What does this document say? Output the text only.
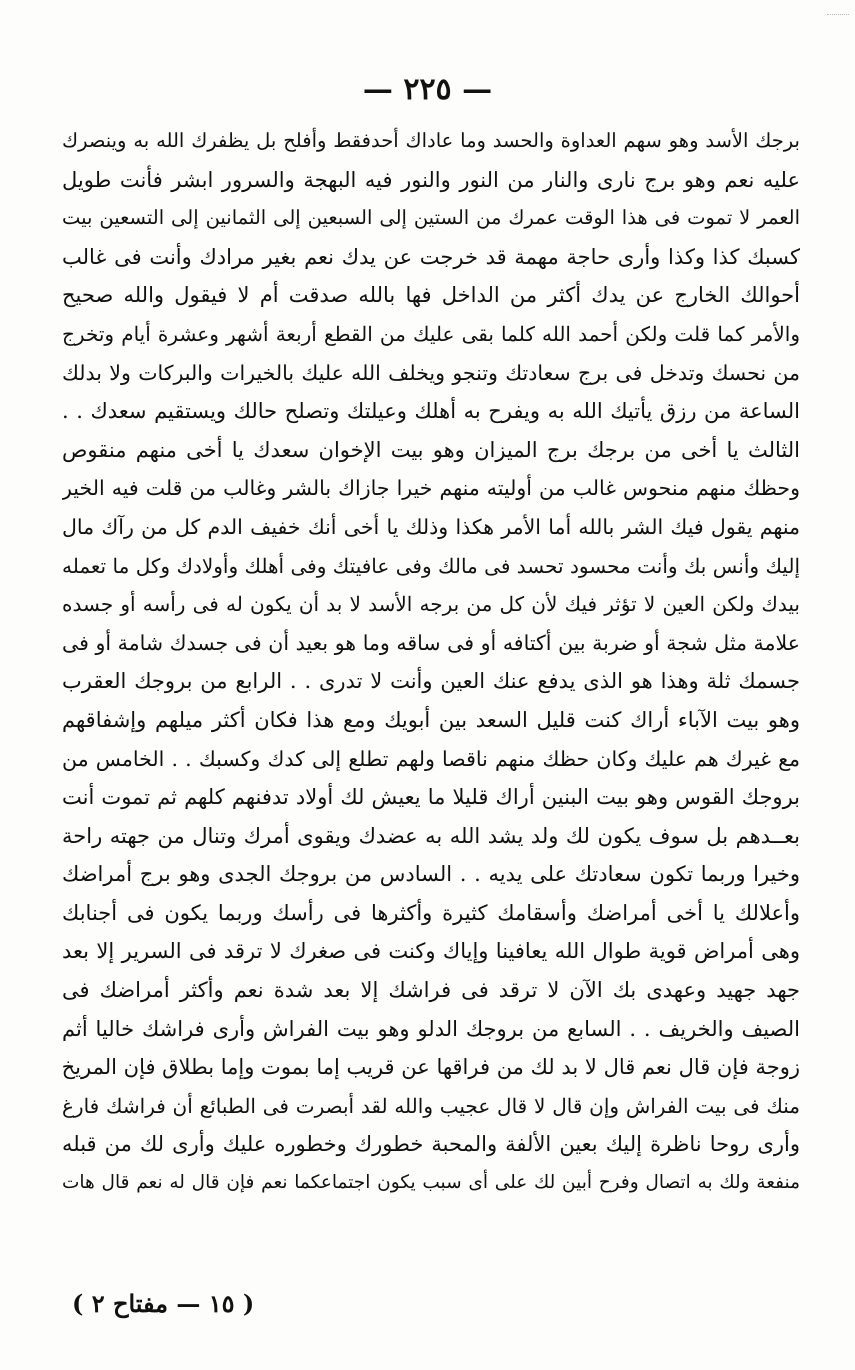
— ٢٢٥ —
برجك الأسد وهو سهم العداوة والحسد وما عاداك أحدفقط وأفلح بل يظفرك الله به وينصرك
عليه نعم وهو برج نارى والنار من النور والنور فيه البهجة والسرور ابشر فأنت طويل
العمر لا تموت فى هذا الوقت عمرك من الستين إلى السبعين إلى الثمانين إلى التسعين بيت
كسبك كذا وكذا وأرى حاجة مهمة قد خرجت عن يدك نعم بغير مرادك وأنت فى غالب
أحوالك الخارج عن يدك أكثر من الداخل فها بالله صدقت أم لا فيقول والله صحيح
والأمر كما قلت ولكن أحمد الله كلما بقى عليك من القطع أربعة أشهر وعشرة أيام وتخرج
من نحسك وتدخل فى برج سعادتك وتنجو ويخلف الله عليك بالخيرات والبركات ولا بدلك
الساعة من رزق يأتيك الله به ويفرح به أهلك وعيلتك وتصلح حالك ويستقيم سعدك . .
الثالث يا أخى من برجك برج الميزان وهو بيت الإخوان سعدك يا أخى منهم منقوص
وحظك منهم منحوس غالب من أوليته منهم خيرا جازاك بالشر وغالب من قلت فيه الخير
منهم يقول فيك الشر بالله أما الأمر هكذا وذلك يا أخى أنك خفيف الدم كل من رآك مال
إليك وأنس بك وأنت محسود تحسد فى مالك وفى عافيتك وفى أهلك وأولادك وكل ما تعمله
بيدك ولكن العين لا تؤثر فيك لأن كل من برجه الأسد لا بد أن يكون له فى رأسه أو جسده
علامة مثل شجة أو ضربة بين أكتافه أو فى ساقه وما هو بعيد أن فى جسدك شامة أو فى
جسمك ثلة وهذا هو الذى يدفع عنك العين وأنت لا تدرى . . الرابع من بروجك العقرب
وهو بيت الآباء أراك كنت قليل السعد بين أبويك ومع هذا فكان أكثر ميلهم وإشفاقهم
مع غيرك هم عليك وكان حظك منهم ناقصا ولهم تطلع إلى كدك وكسبك . . الخامس من
بروجك القوس وهو بيت البنين أراك قليلا ما يعيش لك أولاد تدفنهم كلهم ثم تموت أنت
بعــدهم بل سوف يكون لك ولد يشد الله به عضدك ويقوى أمرك وتنال من جهته راحة
وخيرا وربما تكون سعادتك على يديه . . السادس من بروجك الجدى وهو برج أمراضك
وأعلالك يا أخى أمراضك وأسقامك كثيرة وأكثرها فى رأسك وربما يكون فى أجنابك
وهى أمراض قوية طوال الله يعافينا وإياك وكنت فى صغرك لا ترقد فى السرير إلا بعد
جهد جهيد وعهدى بك الآن لا ترقد فى فراشك إلا بعد شدة نعم وأكثر أمراضك فى
الصيف والخريف . . السابع من بروجك الدلو وهو بيت الفراش وأرى فراشك خاليا أثم
زوجة فإن قال نعم قال لا بد لك من فراقها عن قريب إما بموت وإما بطلاق فإن المريخ
منك فى بيت الفراش وإن قال لا قال عجيب والله لقد أبصرت فى الطبائع أن فراشك فارغ
وأرى روحا ناظرة إليك بعين الألفة والمحبة خطورك وخطوره عليك وأرى لك من قبله
منفعة ولك به اتصال وفرح أبين لك على أى سبب يكون اجتماعكما نعم فإن قال له نعم قال هات
( ١٥ — مفتاح ٢ )
